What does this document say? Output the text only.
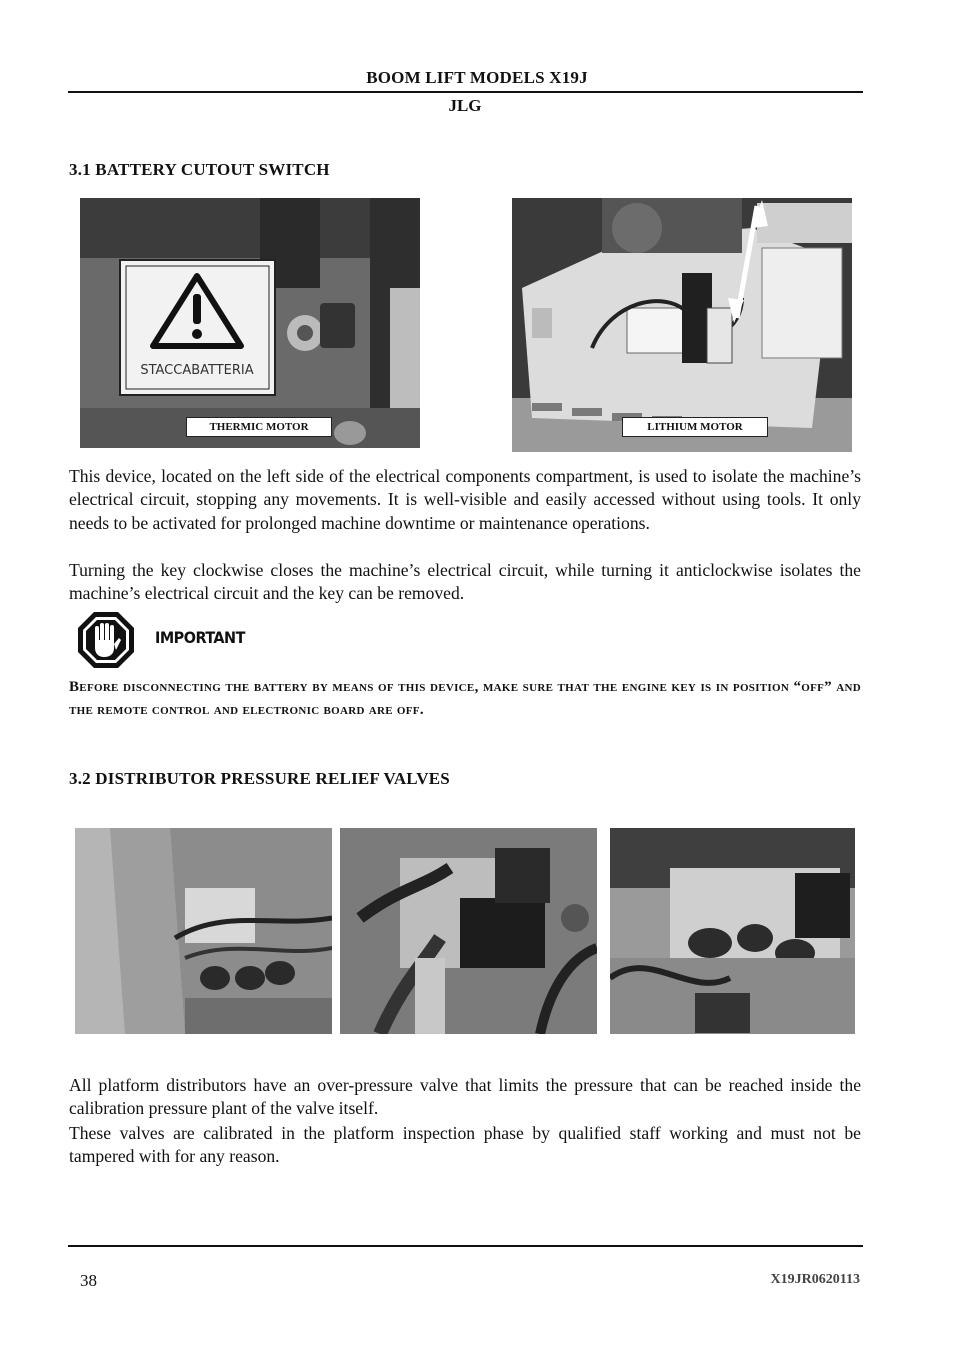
BOOM LIFT MODELS X19J
JLG
3.1 BATTERY CUTOUT SWITCH
STACCABATTERIA
THERMIC MOTOR	LITHIUM MOTOR
This device, located on the left side of the electrical components compartment, is used to isolate the machine’s electrical circuit, stopping any movements. It is well-visible and easily accessed without using tools. It only needs to be activated for prolonged machine downtime or maintenance operations.
Turning the key clockwise closes the machine’s electrical circuit, while turning it anticlockwise isolates the machine’s electrical circuit and the key can be removed.
IMPORTANT
Before disconnecting the battery by means of this device, make sure that the engine key is in position “off” and the remote control and electronic board are off.
3.2 DISTRIBUTOR PRESSURE RELIEF VALVES
All platform distributors have an over-pressure valve that limits the pressure that can be reached inside the calibration pressure plant of the valve itself.
These valves are calibrated in the platform inspection phase by qualified staff working and must not be tampered with for any reason.
38	X19JR0620113
